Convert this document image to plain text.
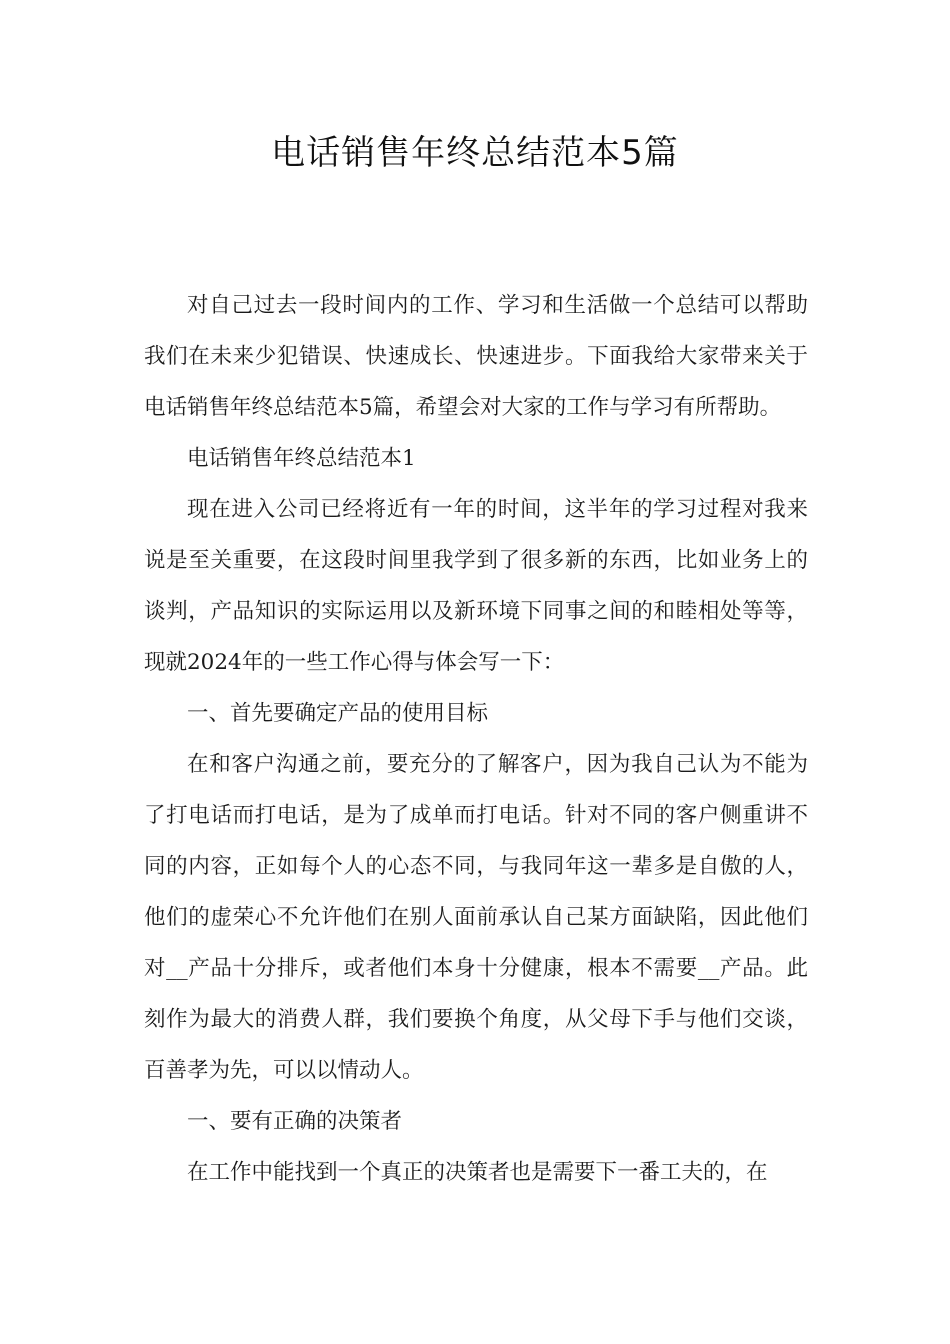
电话销售年终总结范本5篇

对自己过去一段时间内的工作、学习和生活做一个总结可以帮助我们在未来少犯错误、快速成长、快速进步。下面我给大家带来关于电话销售年终总结范本5篇，希望会对大家的工作与学习有所帮助。

电话销售年终总结范本1

现在进入公司已经将近有一年的时间，这半年的学习过程对我来说是至关重要，在这段时间里我学到了很多新的东西，比如业务上的谈判，产品知识的实际运用以及新环境下同事之间的和睦相处等等，现就2024年的一些工作心得与体会写一下：

一、首先要确定产品的使用目标

在和客户沟通之前，要充分的了解客户，因为我自己认为不能为了打电话而打电话，是为了成单而打电话。针对不同的客户侧重讲不同的内容，正如每个人的心态不同，与我同年这一辈多是自傲的人，他们的虚荣心不允许他们在别人面前承认自己某方面缺陷，因此他们对__产品十分排斥，或者他们本身十分健康，根本不需要__产品。此刻作为最大的消费人群，我们要换个角度，从父母下手与他们交谈，百善孝为先，可以以情动人。

一、要有正确的决策者

在工作中能找到一个真正的决策者也是需要下一番工夫的，在
